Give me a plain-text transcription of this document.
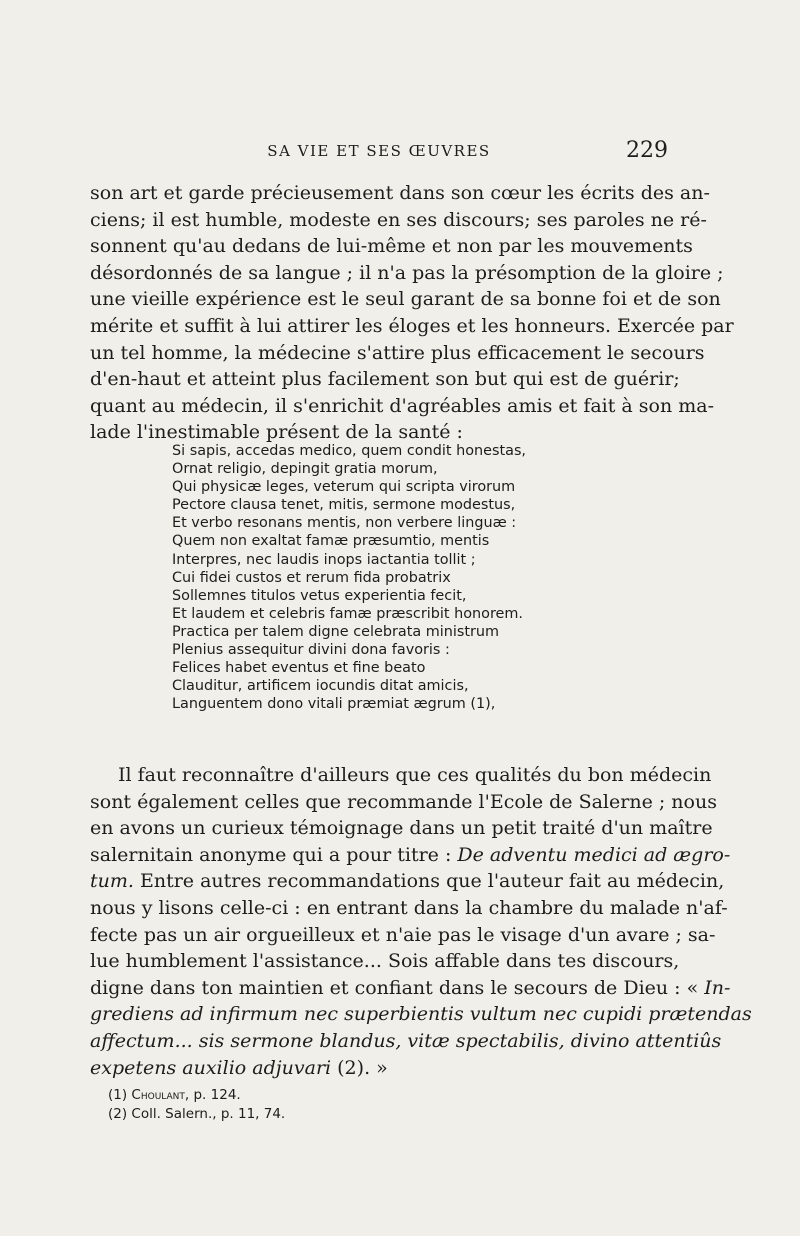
SA VIE ET SES ŒUVRES	229
son art et garde précieusement dans son cœur les écrits des an-
ciens; il est humble, modeste en ses discours; ses paroles ne ré-
sonnent qu'au dedans de lui-même et non par les mouvements
désordonnés de sa langue ; il n'a pas la présomption de la gloire ;
une vieille expérience est le seul garant de sa bonne foi et de son
mérite et suffit à lui attirer les éloges et les honneurs. Exercée par
un tel homme, la médecine s'attire plus efficacement le secours
d'en-haut et atteint plus facilement son but qui est de guérir;
quant au médecin, il s'enrichit d'agréables amis et fait à son ma-
lade l'inestimable présent de la santé :
Si sapis, accedas medico, quem condit honestas,
Ornat religio, depingit gratia morum,
Qui physicæ leges, veterum qui scripta virorum
Pectore clausa tenet, mitis, sermone modestus,
Et verbo resonans mentis, non verbere linguæ :
Quem non exaltat famæ præsumtio, mentis
Interpres, nec laudis inops iactantia tollit ;
Cui fidei custos et rerum fida probatrix
Sollemnes titulos vetus experientia fecit,
Et laudem et celebris famæ præscribit honorem.
Practica per talem digne celebrata ministrum
Plenius assequitur divini dona favoris :
Felices habet eventus et fine beato
Clauditur, artificem iocundis ditat amicis,
Languentem dono vitali præmiat ægrum (1),
Il faut reconnaître d'ailleurs que ces qualités du bon médecin
sont également celles que recommande l'Ecole de Salerne ; nous
en avons un curieux témoignage dans un petit traité d'un maître
salernitain anonyme qui a pour titre : De adventu medici ad ægro-
tum. Entre autres recommandations que l'auteur fait au médecin,
nous y lisons celle-ci : en entrant dans la chambre du malade n'af-
fecte pas un air orgueilleux et n'aie pas le visage d'un avare ; sa-
lue humblement l'assistance... Sois affable dans tes discours,
digne dans ton maintien et confiant dans le secours de Dieu : « In-
grediens ad infirmum nec superbientis vultum nec cupidi prætendas
affectum... sis sermone blandus, vitæ spectabilis, divino attentiûs
expetens auxilio adjuvari (2). »
(1) Choulant, p. 124.
(2) Coll. Salern., p. 11, 74.
